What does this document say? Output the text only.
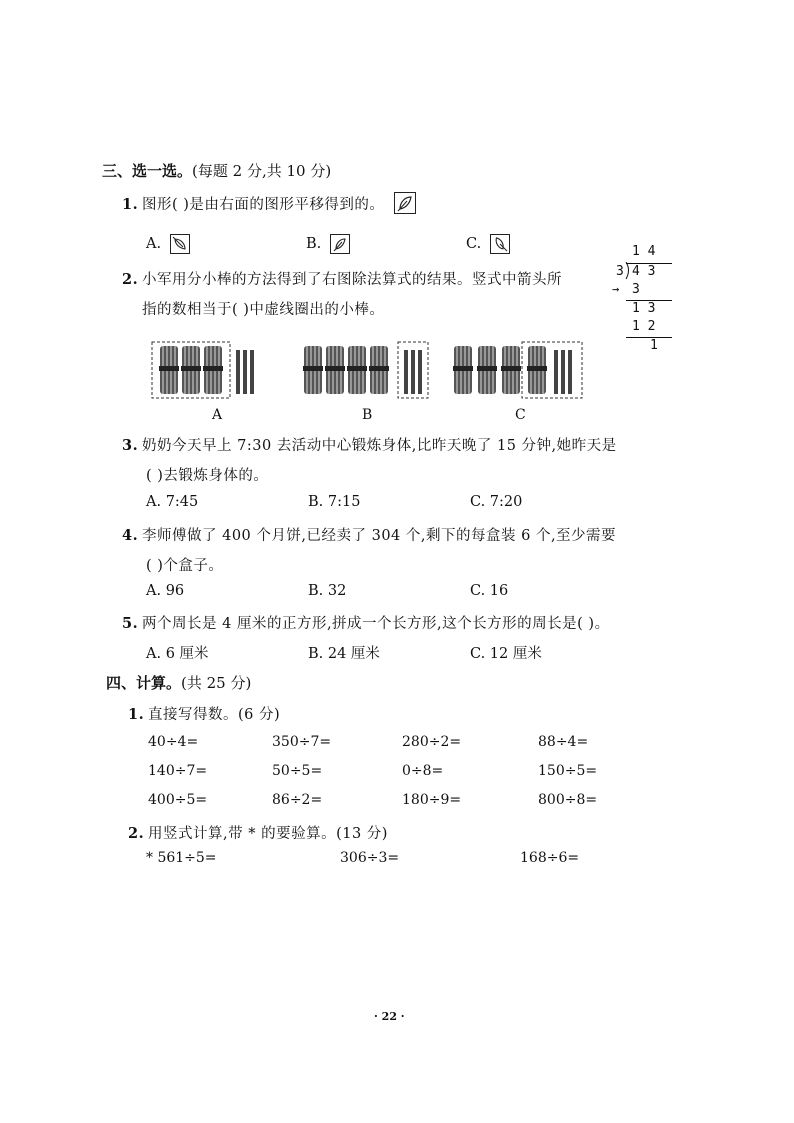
三、选一选。(每题 2 分,共 10 分)
1. 图形( )是由右面的图形平移得到的。
A.	B.	C.
2. 小军用分小棒的方法得到了右图除法算式的结果。竖式中箭头所
指的数相当于( )中虚线圈出的小棒。
1 4
3 4 3
→ 3
1 3
1 2
1
A	B	C
3. 奶奶今天早上 7:30 去活动中心锻炼身体,比昨天晚了 15 分钟,她昨天是
( )去锻炼身体的。
A. 7:45	B. 7:15	C. 7:20
4. 李师傅做了 400 个月饼,已经卖了 304 个,剩下的每盒装 6 个,至少需要
( )个盒子。
A. 96	B. 32	C. 16
5. 两个周长是 4 厘米的正方形,拼成一个长方形,这个长方形的周长是( )。
A. 6 厘米	B. 24 厘米	C. 12 厘米
四、计算。(共 25 分)
1. 直接写得数。(6 分)
40÷4=	350÷7=	280÷2=	88÷4=
140÷7=	50÷5=	0÷8=	150÷5=
400÷5=	86÷2=	180÷9=	800÷8=
2. 用竖式计算,带 * 的要验算。(13 分)
* 561÷5=	306÷3=	168÷6=
· 22 ·
